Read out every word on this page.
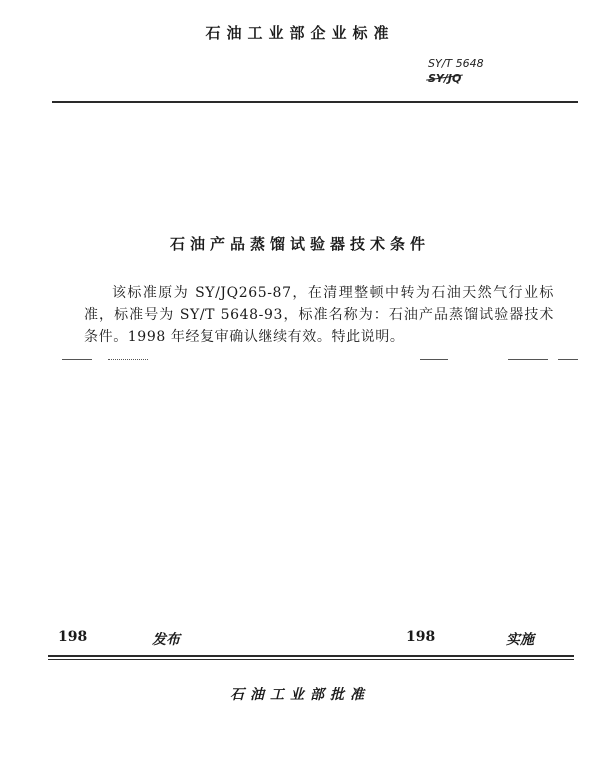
石油工业部企业标准
SY/T 5648
SY/JQ
石油产品蒸馏试验器技术条件

该标准原为 SY/JQ265-87，在清理整顿中转为石油天然气行业标准，标准号为 SY/T 5648-93，标准名称为：石油产品蒸馏试验器技术条件。1998 年经复审确认继续有效。特此说明。

198	发布	198	实施
石油工业部批准
